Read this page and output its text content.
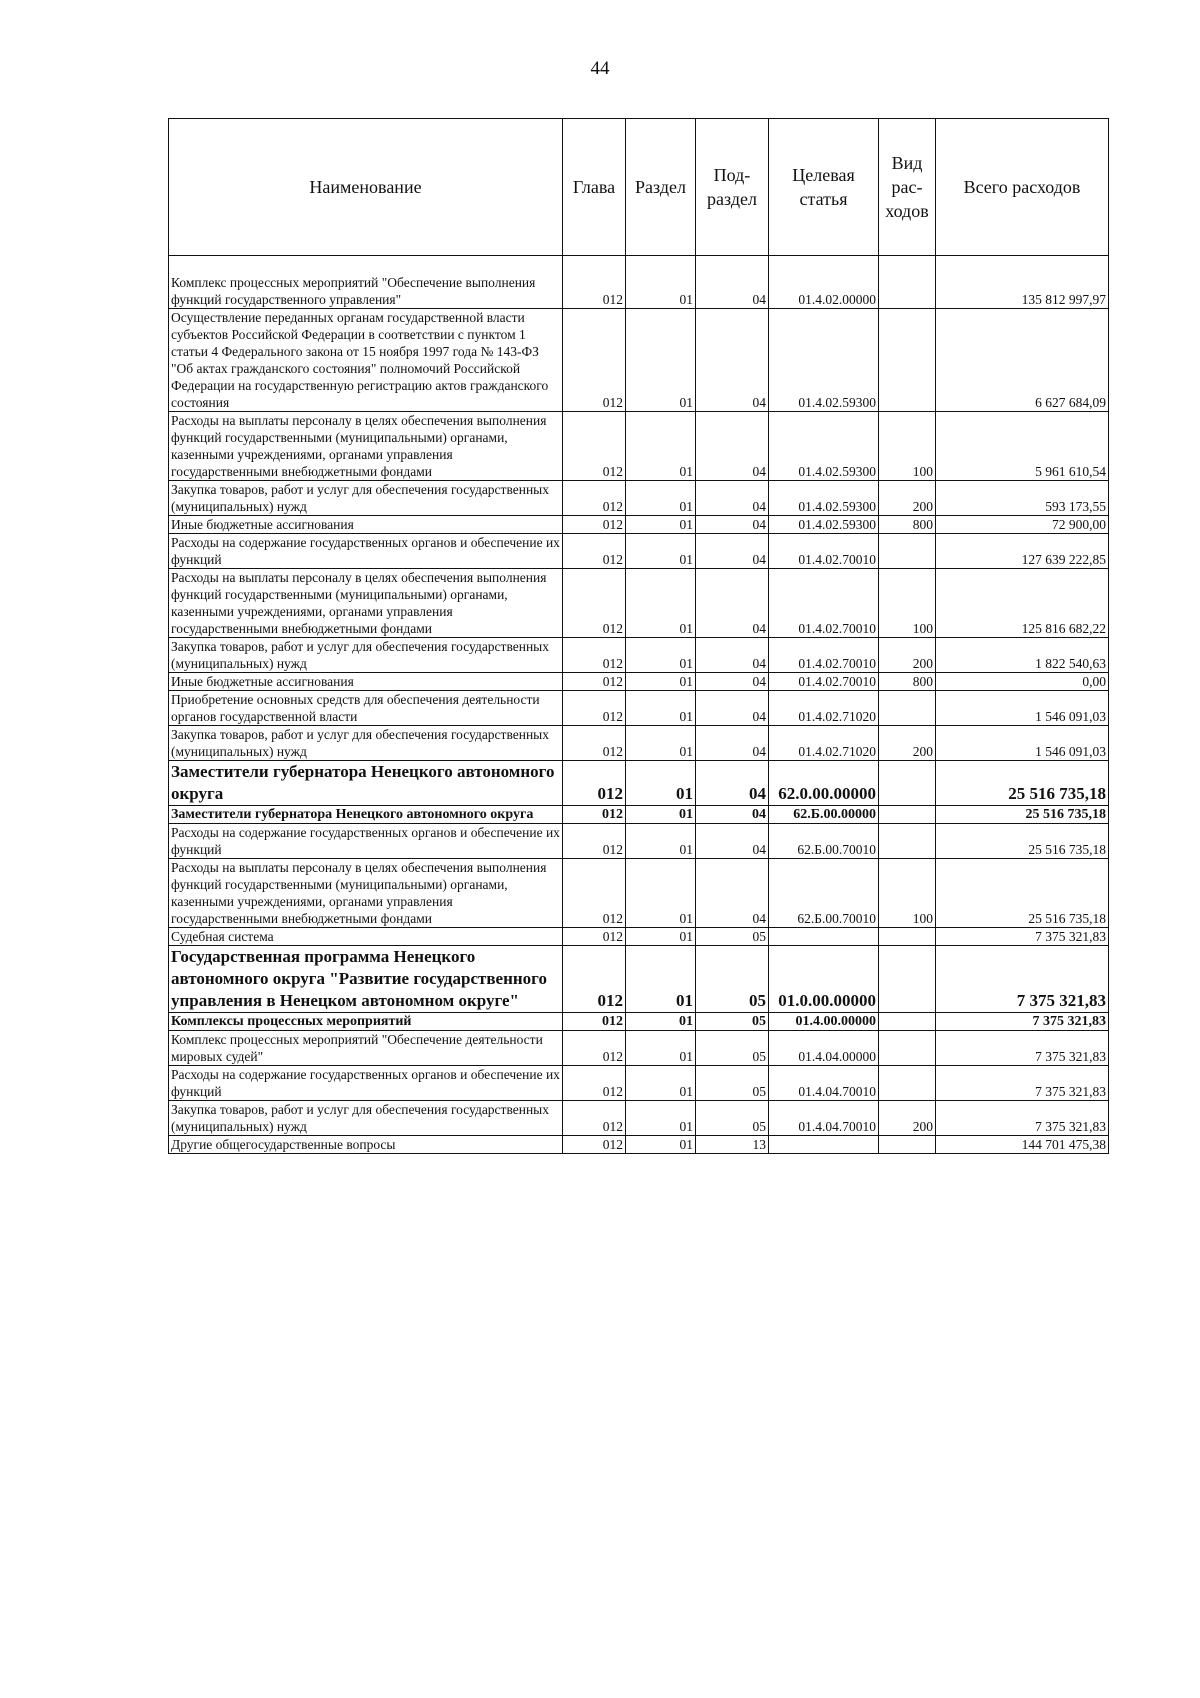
44
Наименование	Глава	Раздел	Под-раздел	Целевая статья	Вид рас-ходов	Всего расходов
Комплекс процессных мероприятий "Обеспечение выполнения функций государственного управления"	012	01	04	01.4.02.00000		135 812 997,97
Осуществление переданных органам государственной власти субъектов Российской Федерации в соответствии с пунктом 1 статьи 4 Федерального закона от 15 ноября 1997 года № 143-ФЗ "Об актах гражданского состояния" полномочий Российской Федерации на государственную регистрацию актов гражданского состояния	012	01	04	01.4.02.59300		6 627 684,09
Расходы на выплаты персоналу в целях обеспечения выполнения функций государственными (муниципальными) органами, казенными учреждениями, органами управления государственными внебюджетными фондами	012	01	04	01.4.02.59300	100	5 961 610,54
Закупка товаров, работ и услуг для обеспечения государственных (муниципальных) нужд	012	01	04	01.4.02.59300	200	593 173,55
Иные бюджетные ассигнования	012	01	04	01.4.02.59300	800	72 900,00
Расходы на содержание государственных органов и обеспечение их функций	012	01	04	01.4.02.70010		127 639 222,85
Расходы на выплаты персоналу в целях обеспечения выполнения функций государственными (муниципальными) органами, казенными учреждениями, органами управления государственными внебюджетными фондами	012	01	04	01.4.02.70010	100	125 816 682,22
Закупка товаров, работ и услуг для обеспечения государственных (муниципальных) нужд	012	01	04	01.4.02.70010	200	1 822 540,63
Иные бюджетные ассигнования	012	01	04	01.4.02.70010	800	0,00
Приобретение основных средств для обеспечения деятельности органов государственной власти	012	01	04	01.4.02.71020		1 546 091,03
Закупка товаров, работ и услуг для обеспечения государственных (муниципальных) нужд	012	01	04	01.4.02.71020	200	1 546 091,03
Заместители губернатора Ненецкого автономного округа	012	01	04	62.0.00.00000		25 516 735,18
Заместители губернатора Ненецкого автономного округа	012	01	04	62.Б.00.00000		25 516 735,18
Расходы на содержание государственных органов и обеспечение их функций	012	01	04	62.Б.00.70010		25 516 735,18
Расходы на выплаты персоналу в целях обеспечения выполнения функций государственными (муниципальными) органами, казенными учреждениями, органами управления государственными внебюджетными фондами	012	01	04	62.Б.00.70010	100	25 516 735,18
Судебная система	012	01	05			7 375 321,83
Государственная программа Ненецкого автономного округа "Развитие государственного управления в Ненецком автономном округе"	012	01	05	01.0.00.00000		7 375 321,83
Комплексы процессных мероприятий	012	01	05	01.4.00.00000		7 375 321,83
Комплекс процессных мероприятий "Обеспечение деятельности мировых судей"	012	01	05	01.4.04.00000		7 375 321,83
Расходы на содержание государственных органов и обеспечение их функций	012	01	05	01.4.04.70010		7 375 321,83
Закупка товаров, работ и услуг для обеспечения государственных (муниципальных) нужд	012	01	05	01.4.04.70010	200	7 375 321,83
Другие общегосударственные вопросы	012	01	13			144 701 475,38
